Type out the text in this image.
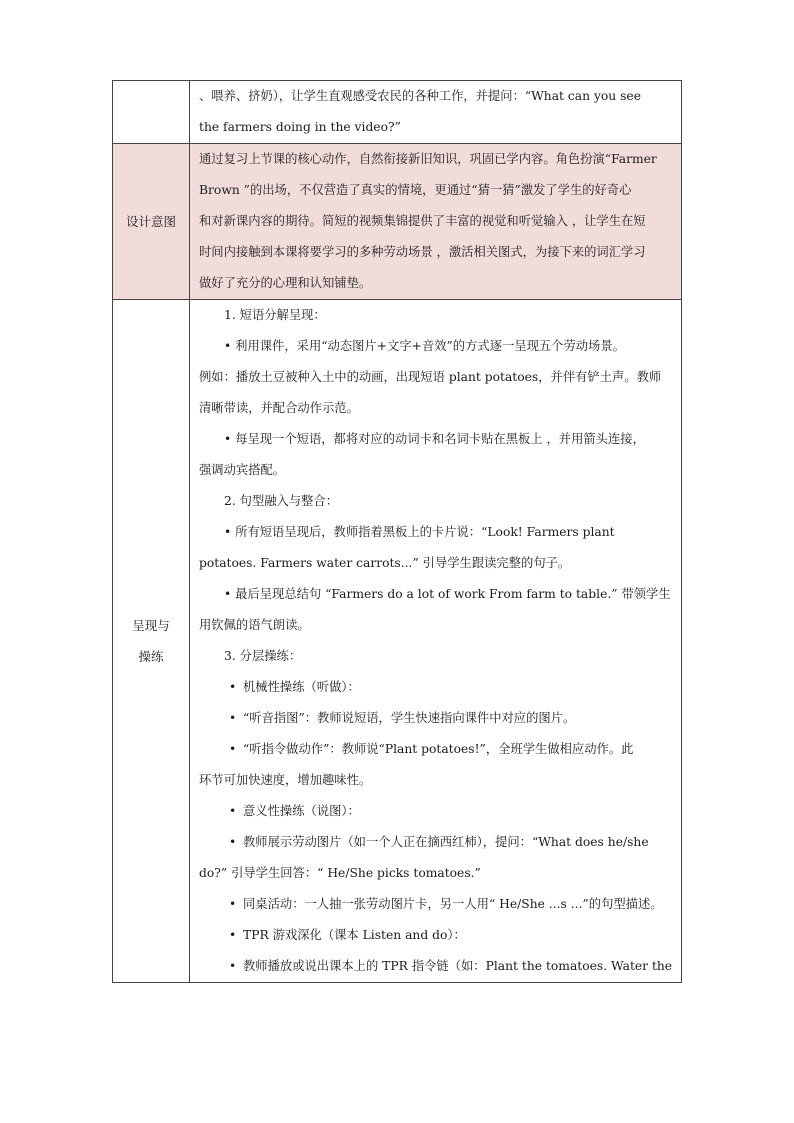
、喂养、挤奶），让学生直观感受农民的各种工作，并提问：“What can you see
the farmers doing in the video?”
设计意图
通过复习上节课的核心动作，自然衔接新旧知识，巩固已学内容。角色扮演“Farmer
Brown ”的出场，不仅营造了真实的情境，更通过“猜一猜”激发了学生的好奇心
和对新课内容的期待。简短的视频集锦提供了丰富的视觉和听觉输入 ，让学生在短
时间内接触到本课将要学习的多种劳动场景 ，激活相关图式，为接下来的词汇学习
做好了充分的心理和认知铺垫。
呈现与
操练
1. 短语分解呈现：
• 利用课件，采用“动态图片+文字+音效”的方式逐一呈现五个劳动场景。
例如：播放土豆被种入土中的动画，出现短语 plant potatoes，并伴有铲土声。教师
清晰带读，并配合动作示范。
• 每呈现一个短语，都将对应的动词卡和名词卡贴在黑板上 ，并用箭头连接，
强调动宾搭配。
2. 句型融入与整合：
• 所有短语呈现后，教师指着黑板上的卡片说：“Look! Farmers plant
potatoes. Farmers water carrots...” 引导学生跟读完整的句子。
• 最后呈现总结句 “Farmers do a lot of work From farm to table.” 带领学生
用钦佩的语气朗读。
3. 分层操练：
• 机械性操练（听做）：
• “听音指图”：教师说短语，学生快速指向课件中对应的图片。
• “听指令做动作”：教师说“Plant potatoes!”，全班学生做相应动作。此
环节可加快速度，增加趣味性。
• 意义性操练（说图）：
• 教师展示劳动图片（如一个人正在摘西红柿），提问：“What does he/she
do?” 引导学生回答：“ He/She picks tomatoes.”
• 同桌活动：一人抽一张劳动图片卡，另一人用“ He/She ...s ...”的句型描述。
• TPR 游戏深化（课本 Listen and do）：
• 教师播放或说出课本上的 TPR 指令链（如：Plant the tomatoes. Water the
